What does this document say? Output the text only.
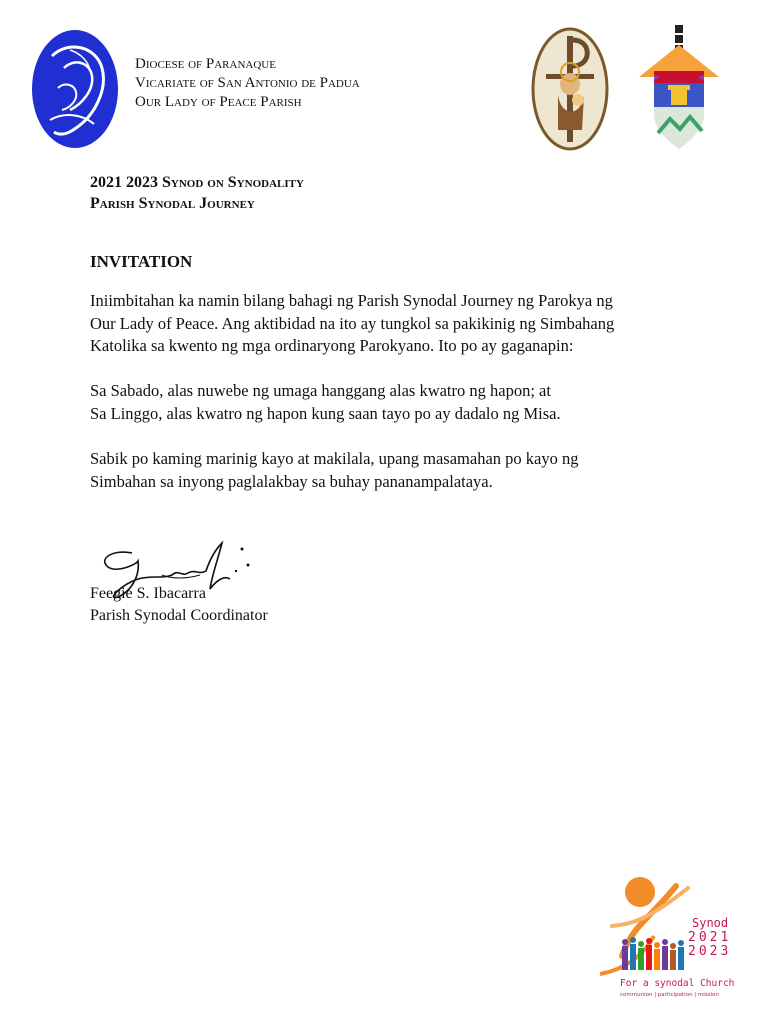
Diocese of Paranaque
Vicariate of San Antonio de Padua
Our Lady of Peace Parish
2021 2023 Synod on Synodality
Parish Synodal Journey
INVITATION
Iniimbitahan ka namin bilang bahagi ng Parish Synodal Journey ng Parokya ng
Our Lady of Peace. Ang aktibidad na ito ay tungkol sa pakikinig ng Simbahang
Katolika sa kwento ng mga ordinaryong Parokyano. Ito po ay gaganapin:
Sa Sabado, alas nuwebe ng umaga hanggang alas kwatro ng hapon; at
Sa Linggo, alas kwatro ng hapon kung saan tayo po ay dadalo ng Misa.
Sabik po kaming marinig kayo at makilala, upang masamahan po kayo ng
Simbahan sa inyong paglalakbay sa buhay pananampalataya.
Feegie S. Ibacarra
Parish Synodal Coordinator
Synod
2021
2023
For a synodal Church
communion | participation | mission
